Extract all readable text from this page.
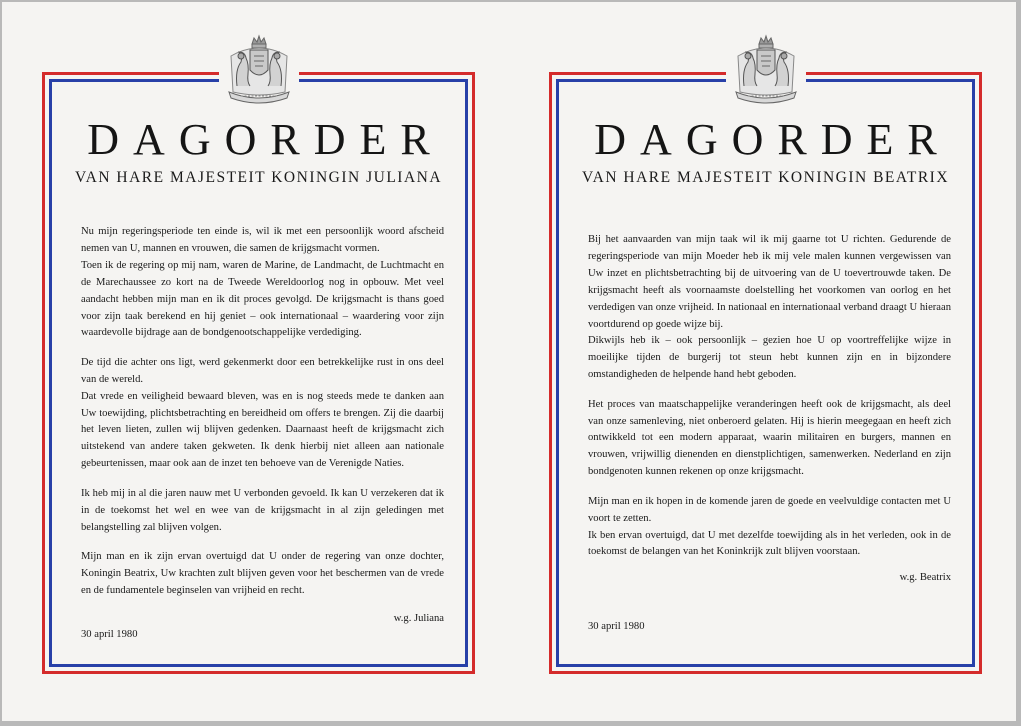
DAGORDER
VAN HARE MAJESTEIT KONINGIN JULIANA

Nu mijn regeringsperiode ten einde is, wil ik met een persoonlijk woord afscheid nemen van U, mannen en vrouwen, die samen de krijgsmacht vormen.
Toen ik de regering op mij nam, waren de Marine, de Landmacht, de Luchtmacht en de Marechaussee zo kort na de Tweede Wereldoorlog nog in opbouw. Met veel aandacht hebben mijn man en ik dit proces gevolgd. De krijgsmacht is thans goed voor zijn taak berekend en hij geniet – ook internationaal – waardering voor zijn waardevolle bijdrage aan de bondgenootschappelijke verdediging.

De tijd die achter ons ligt, werd gekenmerkt door een betrekkelijke rust in ons deel van de wereld.
Dat vrede en veiligheid bewaard bleven, was en is nog steeds mede te danken aan Uw toewijding, plichtsbetrachting en bereidheid om offers te brengen. Zij die daarbij het leven lieten, zullen wij blijven gedenken. Daarnaast heeft de krijgsmacht zich uitstekend van andere taken gekweten. Ik denk hierbij niet alleen aan nationale gebeurtenissen, maar ook aan de inzet ten behoeve van de Verenigde Naties.

Ik heb mij in al die jaren nauw met U verbonden gevoeld. Ik kan U verzekeren dat ik in de toekomst het wel en wee van de krijgsmacht in al zijn geledingen met belangstelling zal blijven volgen.

Mijn man en ik zijn ervan overtuigd dat U onder de regering van onze dochter, Koningin Beatrix, Uw krachten zult blijven geven voor het beschermen van de vrede en de fundamentele beginselen van vrijheid en recht.

w.g. Juliana
30 april 1980
DAGORDER
VAN HARE MAJESTEIT KONINGIN BEATRIX

Bij het aanvaarden van mijn taak wil ik mij gaarne tot U richten. Gedurende de regeringsperiode van mijn Moeder heb ik mij vele malen kunnen vergewissen van Uw inzet en plichtsbetrachting bij de uitvoering van de U toevertrouwde taken. De krijgsmacht heeft als voornaamste doelstelling het voorkomen van oorlog en het verdedigen van onze vrijheid. In nationaal en internationaal verband draagt U hieraan voortdurend op goede wijze bij.
Dikwijls heb ik – ook persoonlijk – gezien hoe U op voortreffelijke wijze in moeilijke tijden de burgerij tot steun hebt kunnen zijn en in bijzondere omstandigheden de helpende hand hebt geboden.

Het proces van maatschappelijke veranderingen heeft ook de krijgsmacht, als deel van onze samenleving, niet onberoerd gelaten. Hij is hierin meegegaan en heeft zich ontwikkeld tot een modern apparaat, waarin militairen en burgers, mannen en vrouwen, vrijwillig dienenden en dienstplichtigen, samenwerken. Nederland en zijn bondgenoten kunnen rekenen op onze krijgsmacht.

Mijn man en ik hopen in de komende jaren de goede en veelvuldige contacten met U voort te zetten.
Ik ben ervan overtuigd, dat U met dezelfde toewijding als in het verleden, ook in de toekomst de belangen van het Koninkrijk zult blijven voorstaan.

w.g. Beatrix
30 april 1980
